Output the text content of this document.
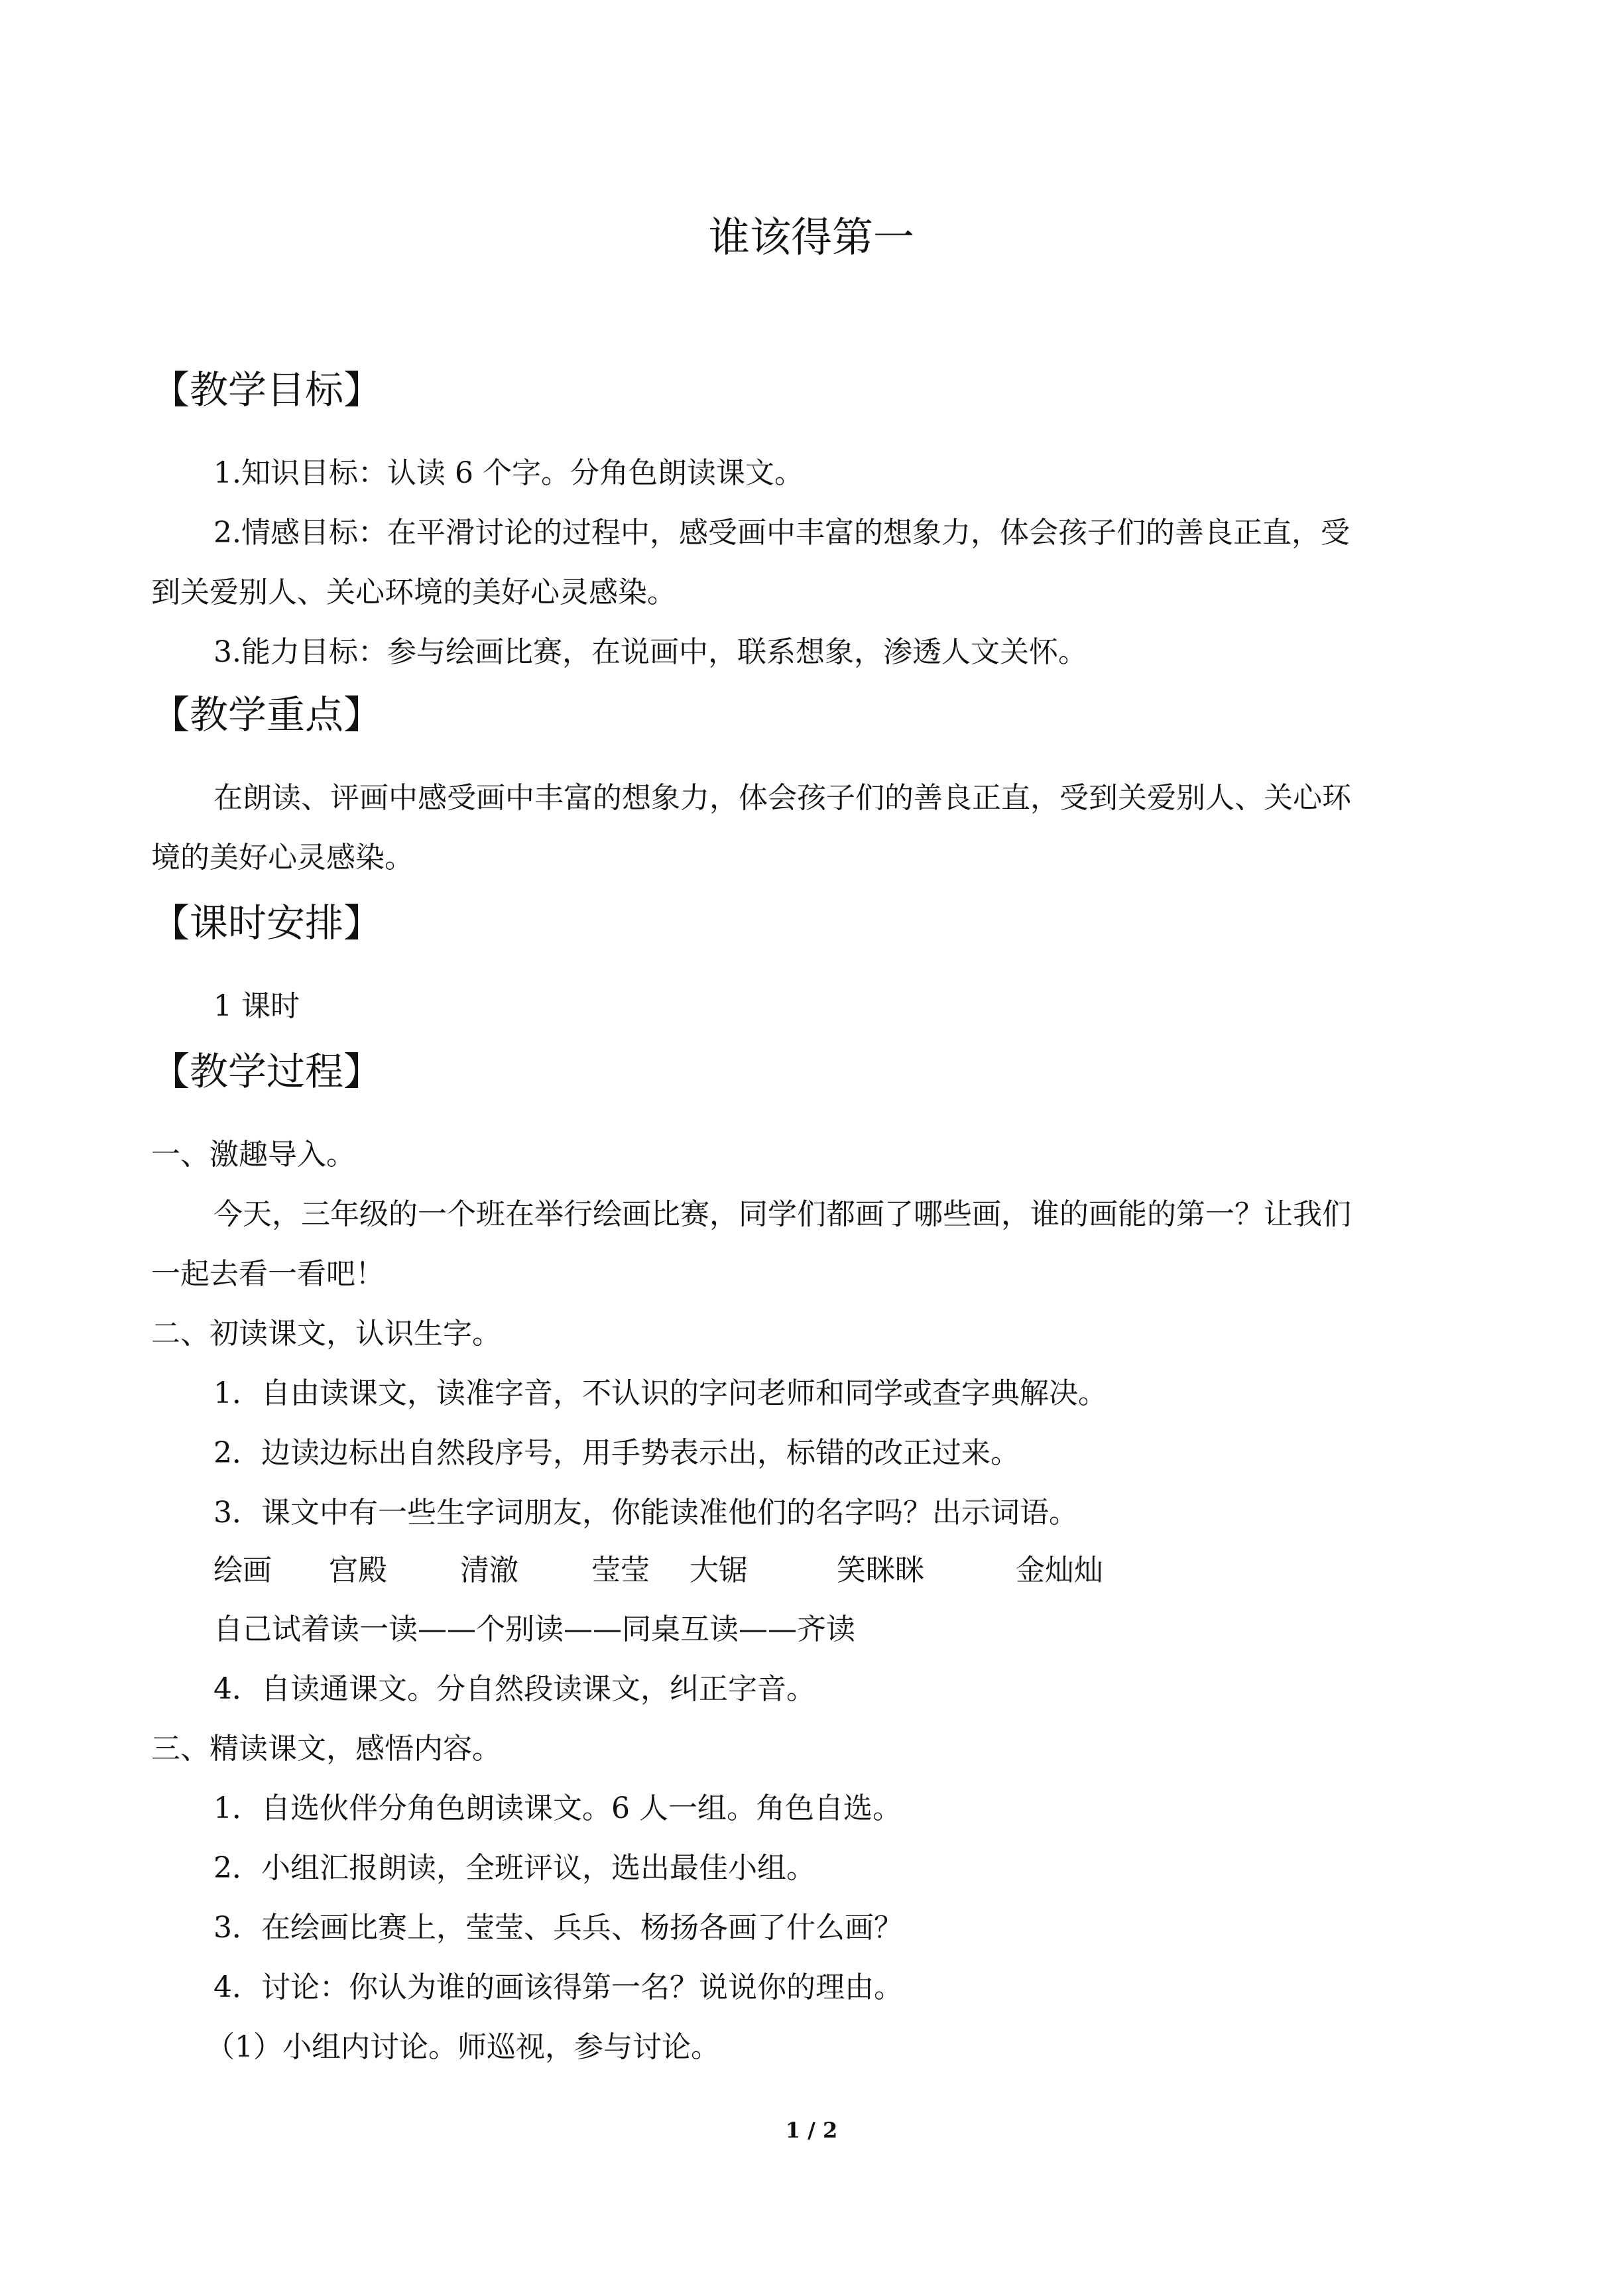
谁该得第一
【教学目标】
1.知识目标：认读 6 个字。分角色朗读课文。
2.情感目标：在平滑讨论的过程中，感受画中丰富的想象力，体会孩子们的善良正直，受
到关爱别人、关心环境的美好心灵感染。
3.能力目标：参与绘画比赛，在说画中，联系想象，渗透人文关怀。
【教学重点】
在朗读、评画中感受画中丰富的想象力，体会孩子们的善良正直，受到关爱别人、关心环
境的美好心灵感染。
【课时安排】
1 课时
【教学过程】
一、激趣导入。
今天，三年级的一个班在举行绘画比赛，同学们都画了哪些画，谁的画能的第一？让我们
一起去看一看吧！
二、初读课文，认识生字。
1．自由读课文，读准字音，不认识的字问老师和同学或查字典解决。
2．边读边标出自然段序号，用手势表示出，标错的改正过来。
3．课文中有一些生字词朋友，你能读准他们的名字吗？出示词语。
绘画 宫殿	清澈	莹莹 大锯	笑眯眯	金灿灿
自己试着读一读——个别读——同桌互读——齐读
4．自读通课文。分自然段读课文，纠正字音。
三、精读课文，感悟内容。
1．自选伙伴分角色朗读课文。6 人一组。角色自选。
2．小组汇报朗读，全班评议，选出最佳小组。
3．在绘画比赛上，莹莹、兵兵、杨扬各画了什么画？
4．讨论：你认为谁的画该得第一名？说说你的理由。
（1）小组内讨论。师巡视，参与讨论。
1 / 2
